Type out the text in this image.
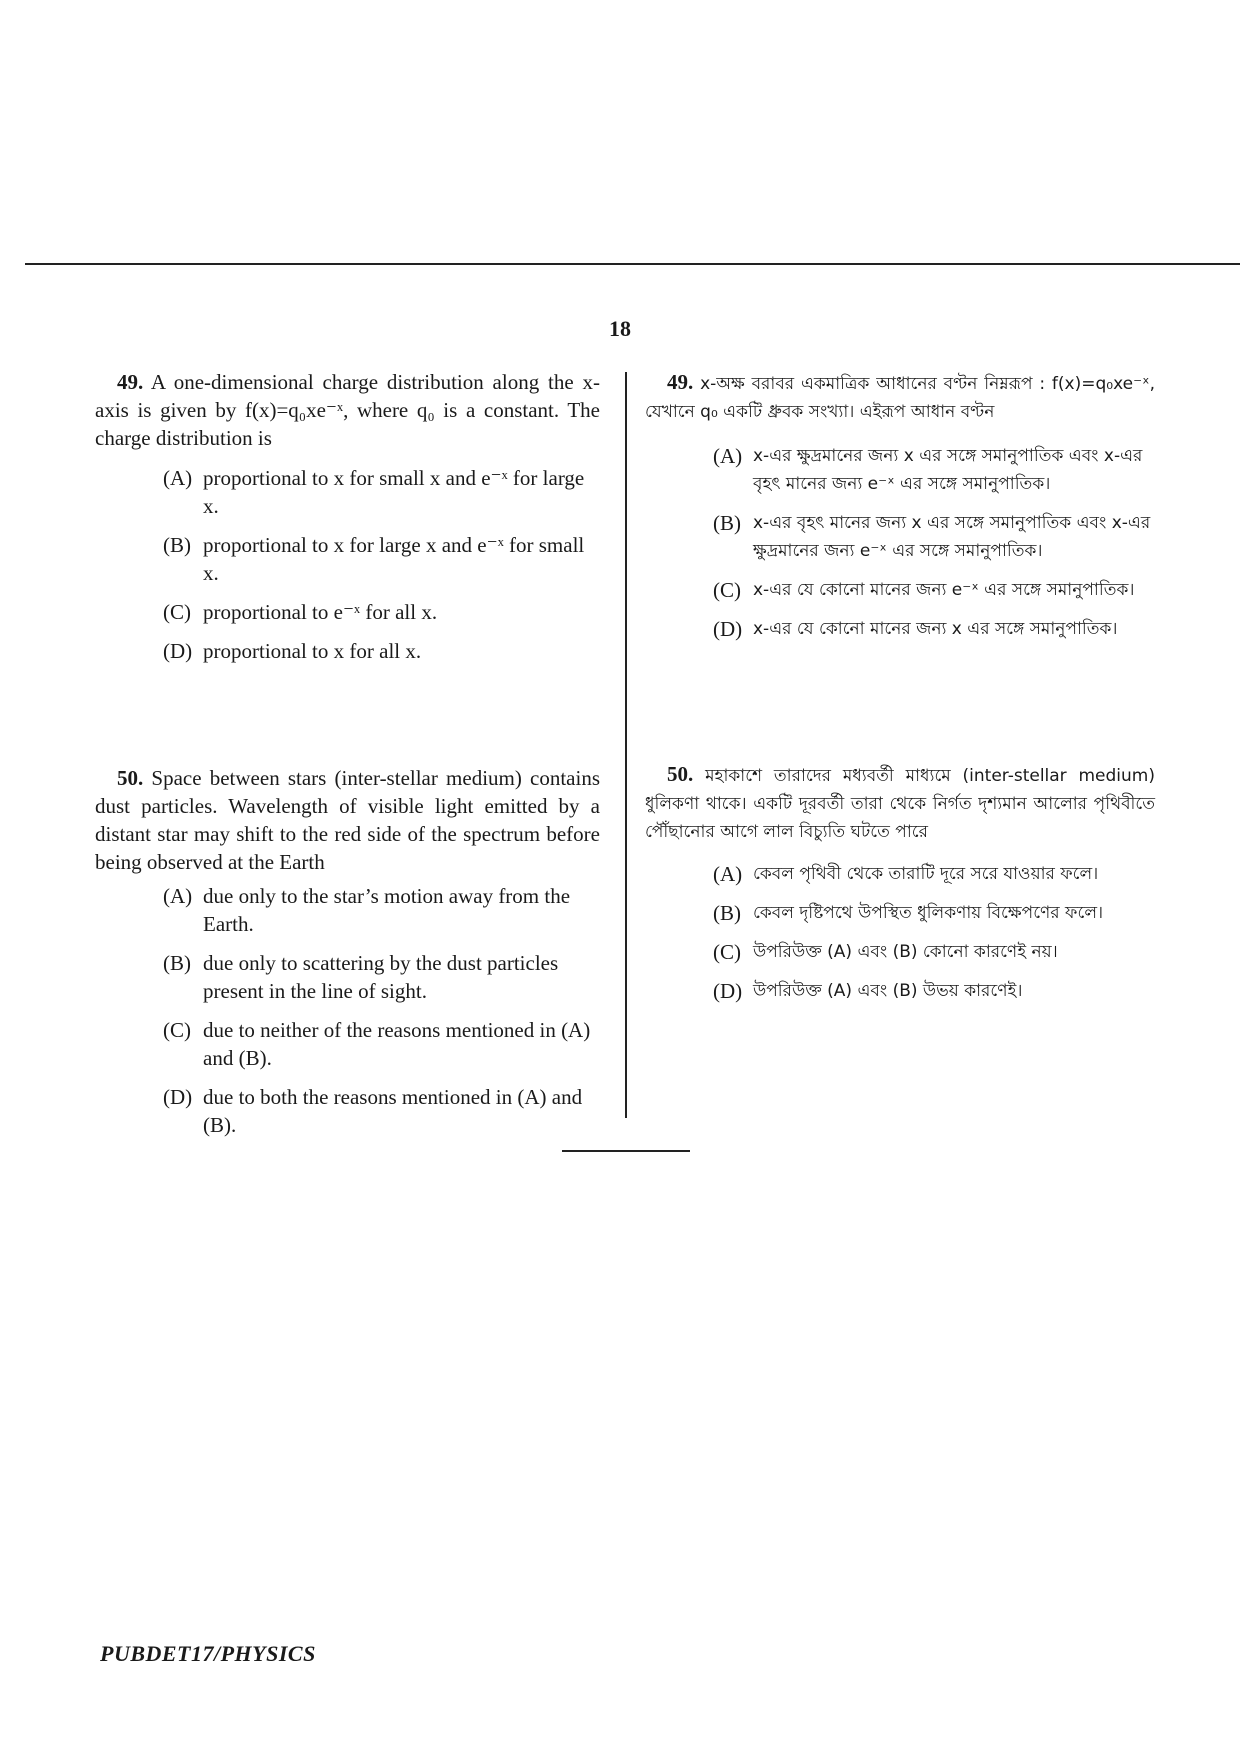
18

49. A one-dimensional charge distribution along the x-axis is given by f(x)=q₀xe⁻ˣ, where q₀ is a constant. The charge distribution is

(A) proportional to x for small x and e⁻ˣ for large x.
(B) proportional to x for large x and e⁻ˣ for small x.
(C) proportional to e⁻ˣ for all x.
(D) proportional to x for all x.

50. Space between stars (inter-stellar medium) contains dust particles. Wavelength of visible light emitted by a distant star may shift to the red side of the spectrum before being observed at the Earth

(A) due only to the star’s motion away from the Earth.
(B) due only to scattering by the dust particles present in the line of sight.
(C) due to neither of the reasons mentioned in (A) and (B).
(D) due to both the reasons mentioned in (A) and (B).

49. x-অক্ষ বরাবর একমাত্রিক আধানের বণ্টন নিম্নরূপ : f(x)=q₀xe⁻ˣ, যেখানে q₀ একটি ধ্রুবক সংখ্যা। এইরূপ আধান বণ্টন

(A) x-এর ক্ষুদ্রমানের জন্য x এর সঙ্গে সমানুপাতিক এবং x-এর বৃহৎ মানের জন্য e⁻ˣ এর সঙ্গে সমানুপাতিক।
(B) x-এর বৃহৎ মানের জন্য x এর সঙ্গে সমানুপাতিক এবং x-এর ক্ষুদ্রমানের জন্য e⁻ˣ এর সঙ্গে সমানুপাতিক।
(C) x-এর যে কোনো মানের জন্য e⁻ˣ এর সঙ্গে সমানুপাতিক।
(D) x-এর যে কোনো মানের জন্য x এর সঙ্গে সমানুপাতিক।

50. মহাকাশে তারাদের মধ্যবর্তী মাধ্যমে (inter-stellar medium) ধুলিকণা থাকে। একটি দূরবর্তী তারা থেকে নির্গত দৃশ্যমান আলোর পৃথিবীতে পৌঁছানোর আগে লাল বিচ্যুতি ঘটতে পারে

(A) কেবল পৃথিবী থেকে তারাটি দূরে সরে যাওয়ার ফলে।
(B) কেবল দৃষ্টিপথে উপস্থিত ধুলিকণায় বিক্ষেপণের ফলে।
(C) উপরিউক্ত (A) এবং (B) কোনো কারণেই নয়।
(D) উপরিউক্ত (A) এবং (B) উভয় কারণেই।
PUBDET17/PHYSICS
